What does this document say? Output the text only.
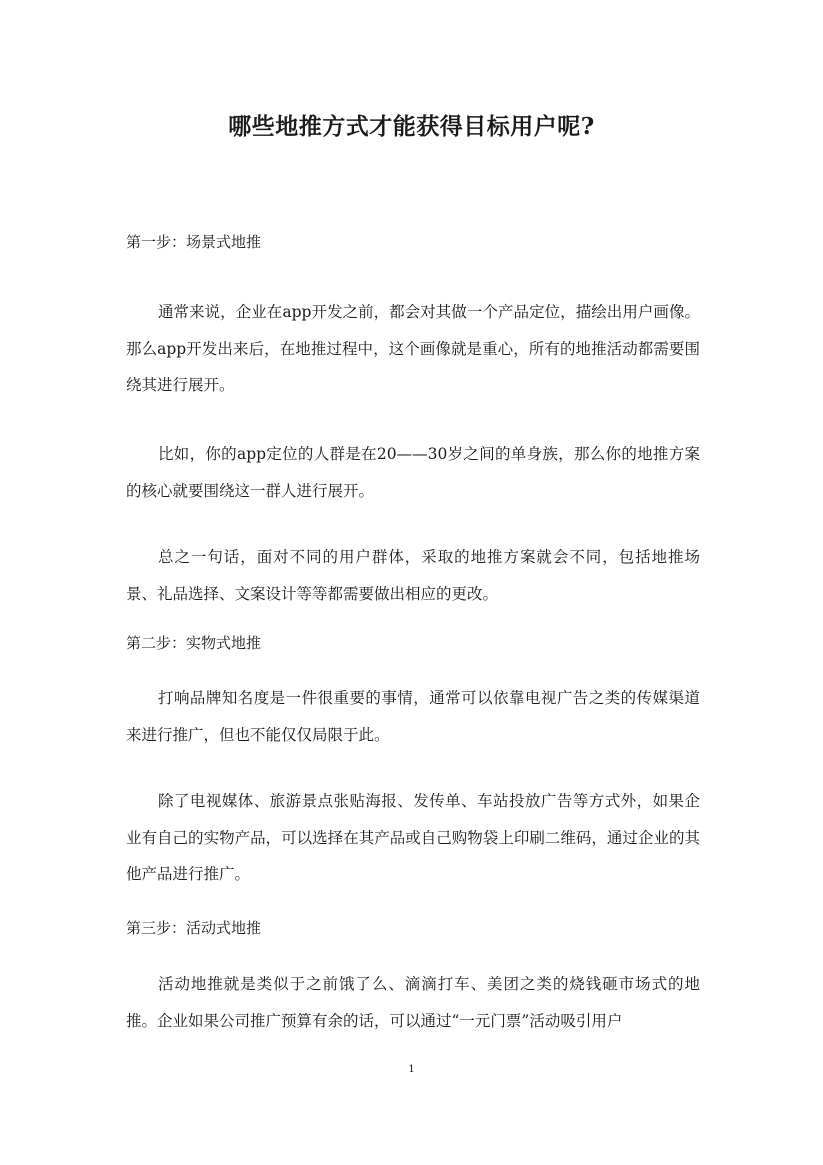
哪些地推方式才能获得目标用户呢?
第一步：场景式地推

通常来说，企业在app开发之前，都会对其做一个产品定位，描绘出用户画像。那么app开发出来后，在地推过程中，这个画像就是重心，所有的地推活动都需要围绕其进行展开。

比如，你的app定位的人群是在20——30岁之间的单身族，那么你的地推方案的核心就要围绕这一群人进行展开。

总之一句话，面对不同的用户群体，采取的地推方案就会不同，包括地推场景、礼品选择、文案设计等等都需要做出相应的更改。

第二步：实物式地推

打响品牌知名度是一件很重要的事情，通常可以依靠电视广告之类的传媒渠道来进行推广，但也不能仅仅局限于此。

除了电视媒体、旅游景点张贴海报、发传单、车站投放广告等方式外，如果企业有自己的实物产品，可以选择在其产品或自己购物袋上印刷二维码，通过企业的其他产品进行推广。

第三步：活动式地推

活动地推就是类似于之前饿了么、滴滴打车、美团之类的烧钱砸市场式的地推。企业如果公司推广预算有余的话，可以通过“一元门票”活动吸引用户

1
